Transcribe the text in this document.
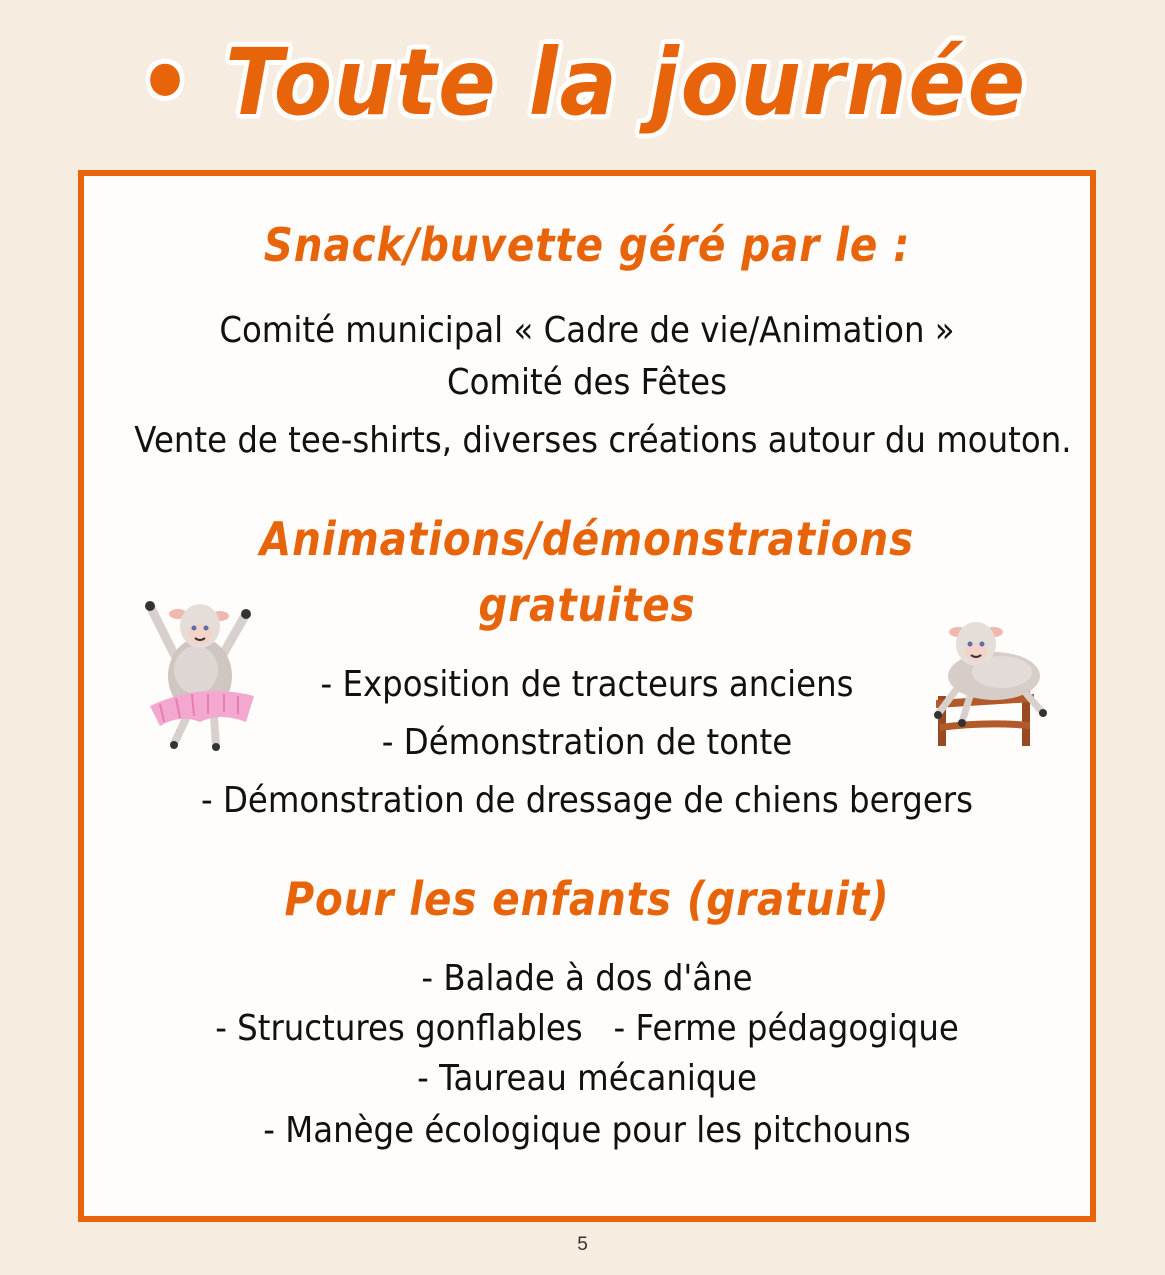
• Toute la journée
Snack/buvette géré par le :
Comité municipal « Cadre de vie/Animation »
Comité des Fêtes
Vente de tee-shirts, diverses créations autour du mouton.
Animations/démonstrations
gratuites
- Exposition de tracteurs anciens
- Démonstration de tonte
- Démonstration de dressage de chiens bergers
Pour les enfants (gratuit)
- Balade à dos d'âne
- Structures gonflables   - Ferme pédagogique
- Taureau mécanique
- Manège écologique pour les pitchouns
5
